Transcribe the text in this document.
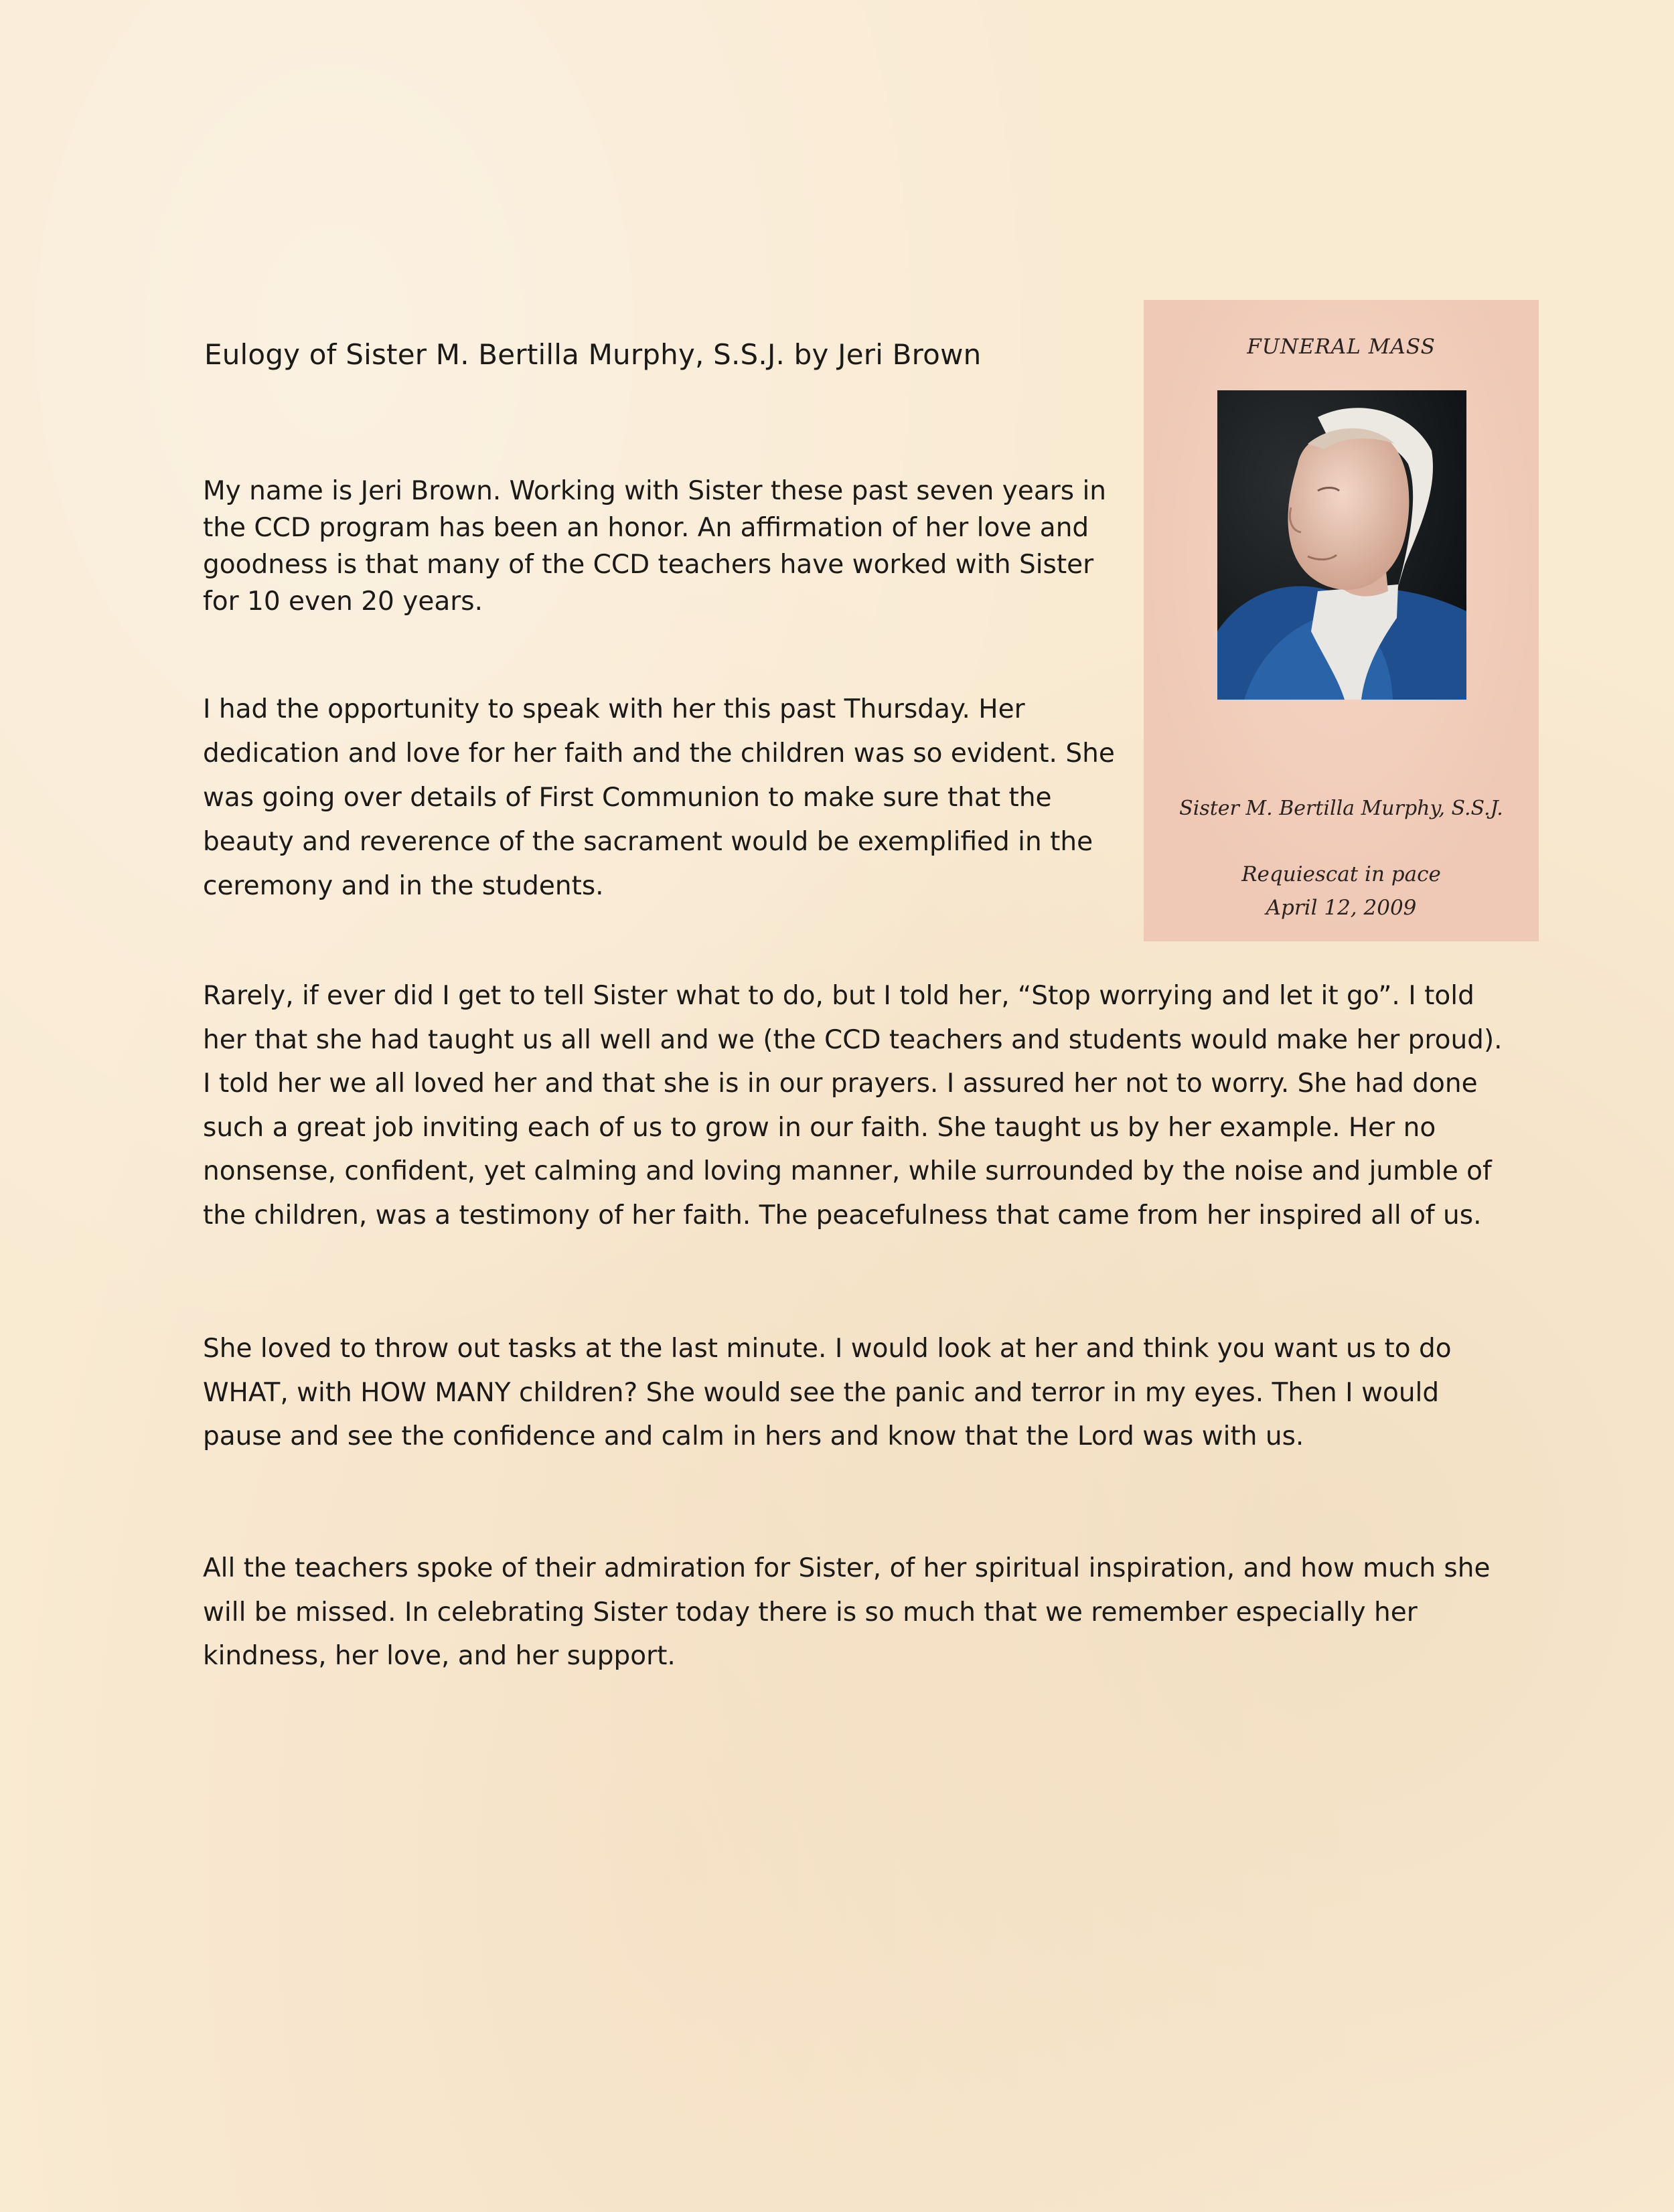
Eulogy of Sister M. Bertilla Murphy, S.S.J. by Jeri Brown

My name is Jeri Brown. Working with Sister these past seven years in the CCD program has been an honor. An affirmation of her love and goodness is that many of the CCD teachers have worked with Sister for 10 even 20 years.

I had the opportunity to speak with her this past Thursday. Her dedication and love for her faith and the children was so evident. She was going over details of First Communion to make sure that the beauty and reverence of the sacrament would be exemplified in the ceremony and in the students.

Rarely, if ever did I get to tell Sister what to do, but I told her, “Stop worrying and let it go”. I told her that she had taught us all well and we (the CCD teachers and students would make her proud). I told her we all loved her and that she is in our prayers. I assured her not to worry. She had done such a great job inviting each of us to grow in our faith. She taught us by her example. Her no nonsense, confident, yet calming and loving manner, while surrounded by the noise and jumble of the children, was a testimony of her faith. The peacefulness that came from her inspired all of us.

She loved to throw out tasks at the last minute. I would look at her and think you want us to do WHAT, with HOW MANY children? She would see the panic and terror in my eyes. Then I would pause and see the confidence and calm in hers and know that the Lord was with us.

All the teachers spoke of their admiration for Sister, of her spiritual inspiration, and how much she will be missed. In celebrating Sister today there is so much that we remember especially her kindness, her love, and her support.

FUNERAL MASS

Sister M. Bertilla Murphy, S.S.J.

Requiescat in pace

April 12, 2009
